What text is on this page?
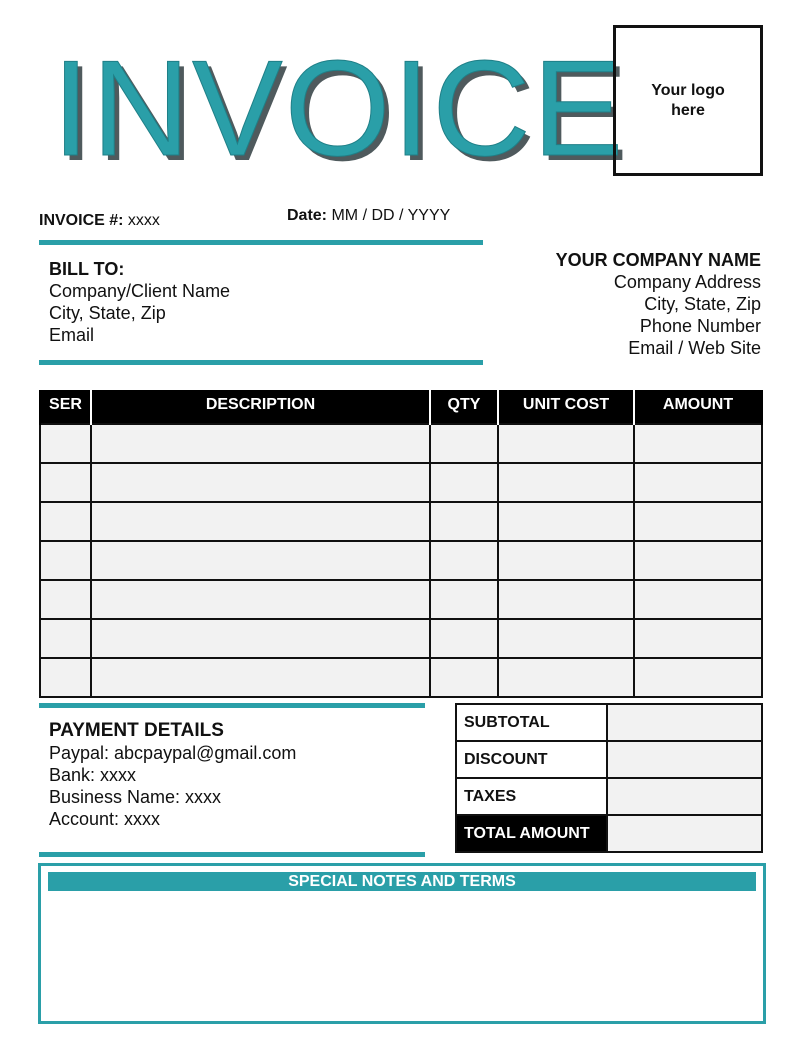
INVOICE	Your logo here
INVOICE #: xxxx	Date: MM / DD / YYYY
BILL TO:
Company/Client Name
City, State, Zip
Email
YOUR COMPANY NAME
Company Address
City, State, Zip
Phone Number
Email / Web Site
SER	DESCRIPTION	QTY	UNIT COST	AMOUNT

PAYMENT DETAILS
Paypal: abcpaypal@gmail.com
Bank: xxxx
Business Name: xxxx
Account: xxxx
SUBTOTAL	
DISCOUNT	
TAXES	
TOTAL AMOUNT	
SPECIAL NOTES AND TERMS
